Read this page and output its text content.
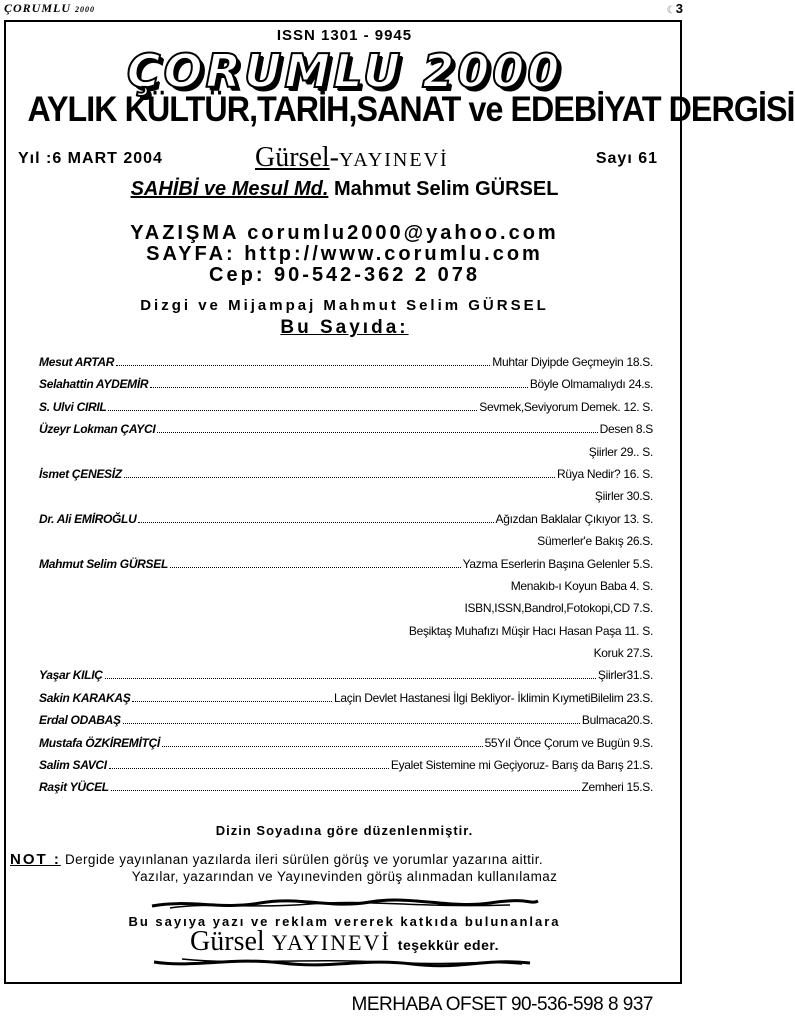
ÇORUMLU 2000	☾3
ISSN 1301 - 9945
ÇORUMLU 2000
AYLIK KÜLTÜR,TARİH,SANAT ve EDEBİYAT DERGİSİ
Yıl :6 MART 2004	Gürsel-YAYINEVİ	Sayı 61
SAHİBİ ve Mesul Md. Mahmut Selim GÜRSEL
YAZIŞMA corumlu2000@yahoo.com
SAYFA: http://www.corumlu.com
Cep: 90-542-362 2 078
Dizgi ve Mijampaj Mahmut Selim GÜRSEL
Bu Sayıda:
Mesut ARTAR	Muhtar Diyipde Geçmeyin 18.S.
Selahattin AYDEMİR	Böyle Olmamalıydı 24.s.
S. Ulvi CIRIL	Sevmek,Seviyorum Demek. 12. S.
Üzeyr Lokman ÇAYCI	Desen 8.S
Şiirler 29.. S.
İsmet ÇENESİZ	Rüya Nedir? 16. S.
Şiirler 30.S.
Dr. Ali EMİROĞLU	Ağızdan Baklalar Çıkıyor 13. S.
Sümerler'e Bakış 26.S.
Mahmut Selim GÜRSEL	Yazma Eserlerin Başına Gelenler 5.S.
Menakıb-ı Koyun Baba 4. S.
ISBN,ISSN,Bandrol,Fotokopi,CD 7.S.
Beşiktaş Muhafızı Müşir Hacı Hasan Paşa 11. S.
Koruk 27.S.
Yaşar KILIÇ	Şiirler31.S.
Sakin KARAKAŞ	Laçin Devlet Hastanesi İlgi Bekliyor- İklimin KıymetiBilelim 23.S.
Erdal ODABAŞ	Bulmaca20.S.
Mustafa ÖZKİREMİTÇİ	55Yıl Önce Çorum ve Bugün 9.S.
Salim SAVCI	Eyalet Sistemine mi Geçiyoruz- Barış da Barış 21.S.
Raşit YÜCEL	Zemheri 15.S.
Dizin Soyadına göre düzenlenmiştir.
NOT : Dergide yayınlanan yazılarda ileri sürülen görüş ve yorumlar yazarına aittir.
Yazılar, yazarından ve Yayınevinden görüş alınmadan kullanılamaz
Bu sayıya yazı ve reklam vererek katkıda bulunanlara
Gürsel YAYINEVİ teşekkür eder.
MERHABA OFSET 90-536-598 8 937
